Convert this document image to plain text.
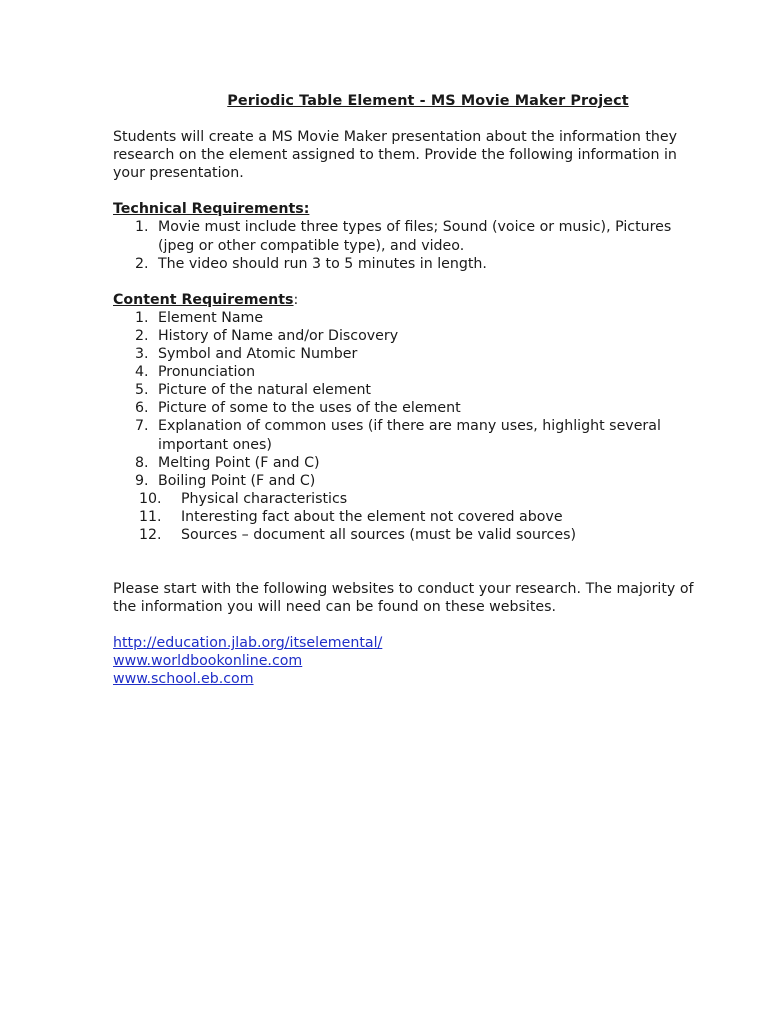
Periodic Table Element - MS Movie Maker Project

Students will create a MS Movie Maker presentation about the information they research on the element assigned to them. Provide the following information in your presentation.

Technical Requirements:
1. Movie must include three types of files; Sound (voice or music), Pictures (jpeg or other compatible type), and video.
2. The video should run 3 to 5 minutes in length.
Content Requirements:
1. Element Name
2. History of Name and/or Discovery
3. Symbol and Atomic Number
4. Pronunciation
5. Picture of the natural element
6. Picture of some to the uses of the element
7. Explanation of common uses (if there are many uses, highlight several important ones)
8. Melting Point (F and C)
9. Boiling Point (F and C)
10. Physical characteristics
11. Interesting fact about the element not covered above
12. Sources – document all sources (must be valid sources)

Please start with the following websites to conduct your research. The majority of the information you will need can be found on these websites.

http://education.jlab.org/itselemental/
www.worldbookonline.com
www.school.eb.com
